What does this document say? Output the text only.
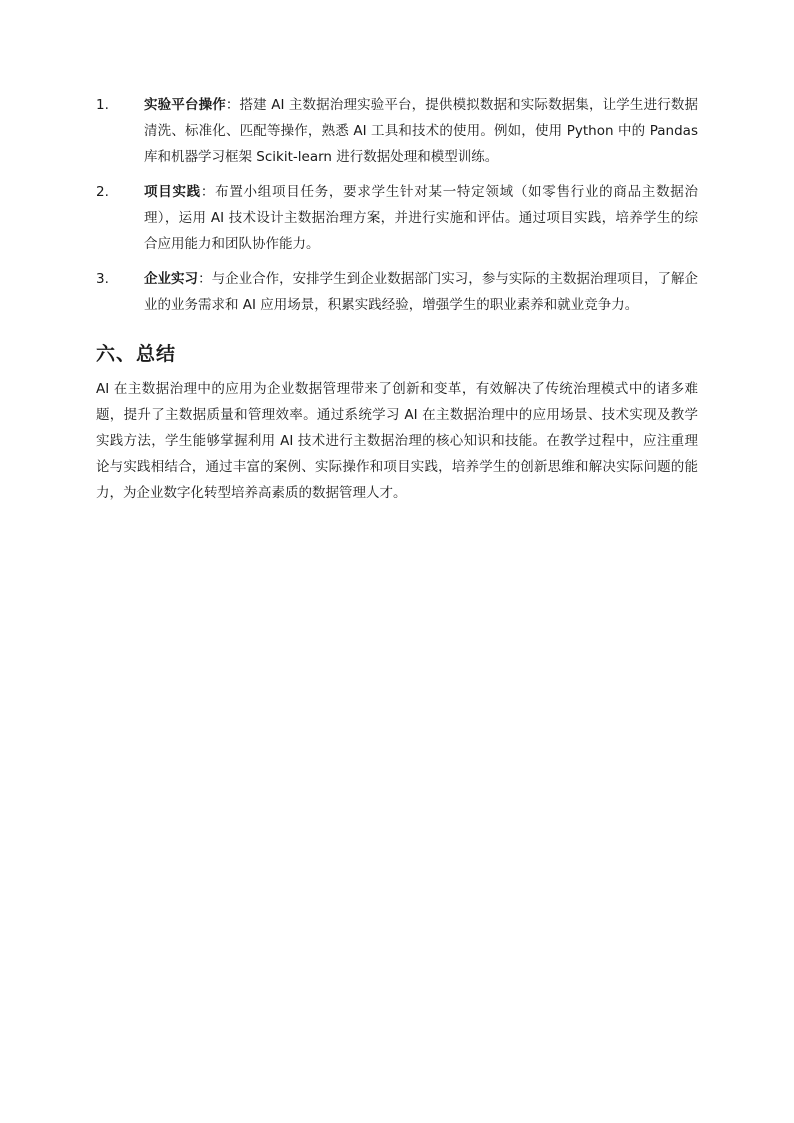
1.	实验平台操作：搭建 AI 主数据治理实验平台，提供模拟数据和实际数据集，让学生进行数据清洗、标准化、匹配等操作，熟悉 AI 工具和技术的使用。例如，使用 Python 中的 Pandas 库和机器学习框架 Scikit-learn 进行数据处理和模型训练。
2.	项目实践：布置小组项目任务，要求学生针对某一特定领域（如零售行业的商品主数据治理），运用 AI 技术设计主数据治理方案，并进行实施和评估。通过项目实践，培养学生的综合应用能力和团队协作能力。
3.	企业实习：与企业合作，安排学生到企业数据部门实习，参与实际的主数据治理项目，了解企业的业务需求和 AI 应用场景，积累实践经验，增强学生的职业素养和就业竞争力。
六、总结

AI 在主数据治理中的应用为企业数据管理带来了创新和变革，有效解决了传统治理模式中的诸多难题，提升了主数据质量和管理效率。通过系统学习 AI 在主数据治理中的应用场景、技术实现及教学实践方法，学生能够掌握利用 AI 技术进行主数据治理的核心知识和技能。在教学过程中，应注重理论与实践相结合，通过丰富的案例、实际操作和项目实践，培养学生的创新思维和解决实际问题的能力，为企业数字化转型培养高素质的数据管理人才。
